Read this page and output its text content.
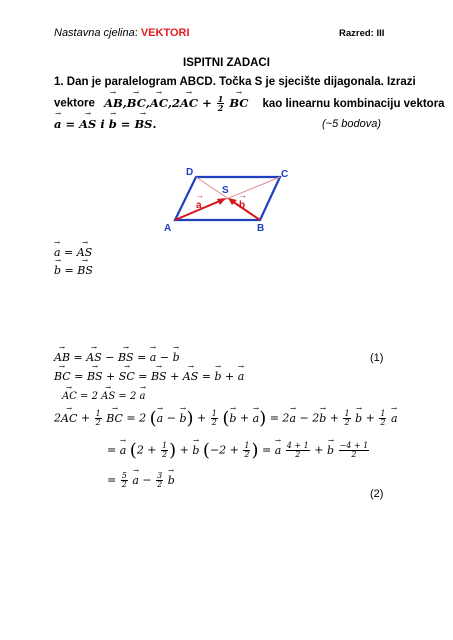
Nastavna cjelina: VEKTORI	Razred: III
ISPITNI ZADACI
1. Dan je paralelogram ABCD. Točka S je sjecište dijagonala. Izrazi
vektore → AB,→ BC,→ AC,2→ AC + $\frac{1}{2}$
→ BC kao linearnu kombinaciju vektora
→ a = → AS i → b = → BS.	(~5 bodova)
D	C
A	B
S
→
a
→
b
→ a = → AS
→ b = → BS
→ AB = → AS − → BS = → a − → b	(1)
→ BC = → BS + → SC = → BS + → AS = → b + → a
→ AC = 2 → AS = 2 → a
2→ AC + $\frac{1}{2}$
→ BC = 2 (→ a − → $b) + \frac{1}{2}$ (→ b + → $a) = 2\to a - 2\to b + \frac{1}{2}$
→ $b + \frac{1}{2}$
→ a
= → a ($2 + \frac{1}{2}$ ) + → b ($-2 + \frac{1}{2}$ ) = → a $\frac{4 + 1}{2}$ + → b $\frac{-4 + 1}{2}$
= $\frac{5}{2}$
→ $a - \frac{3}{2}$
→ b
(2)
